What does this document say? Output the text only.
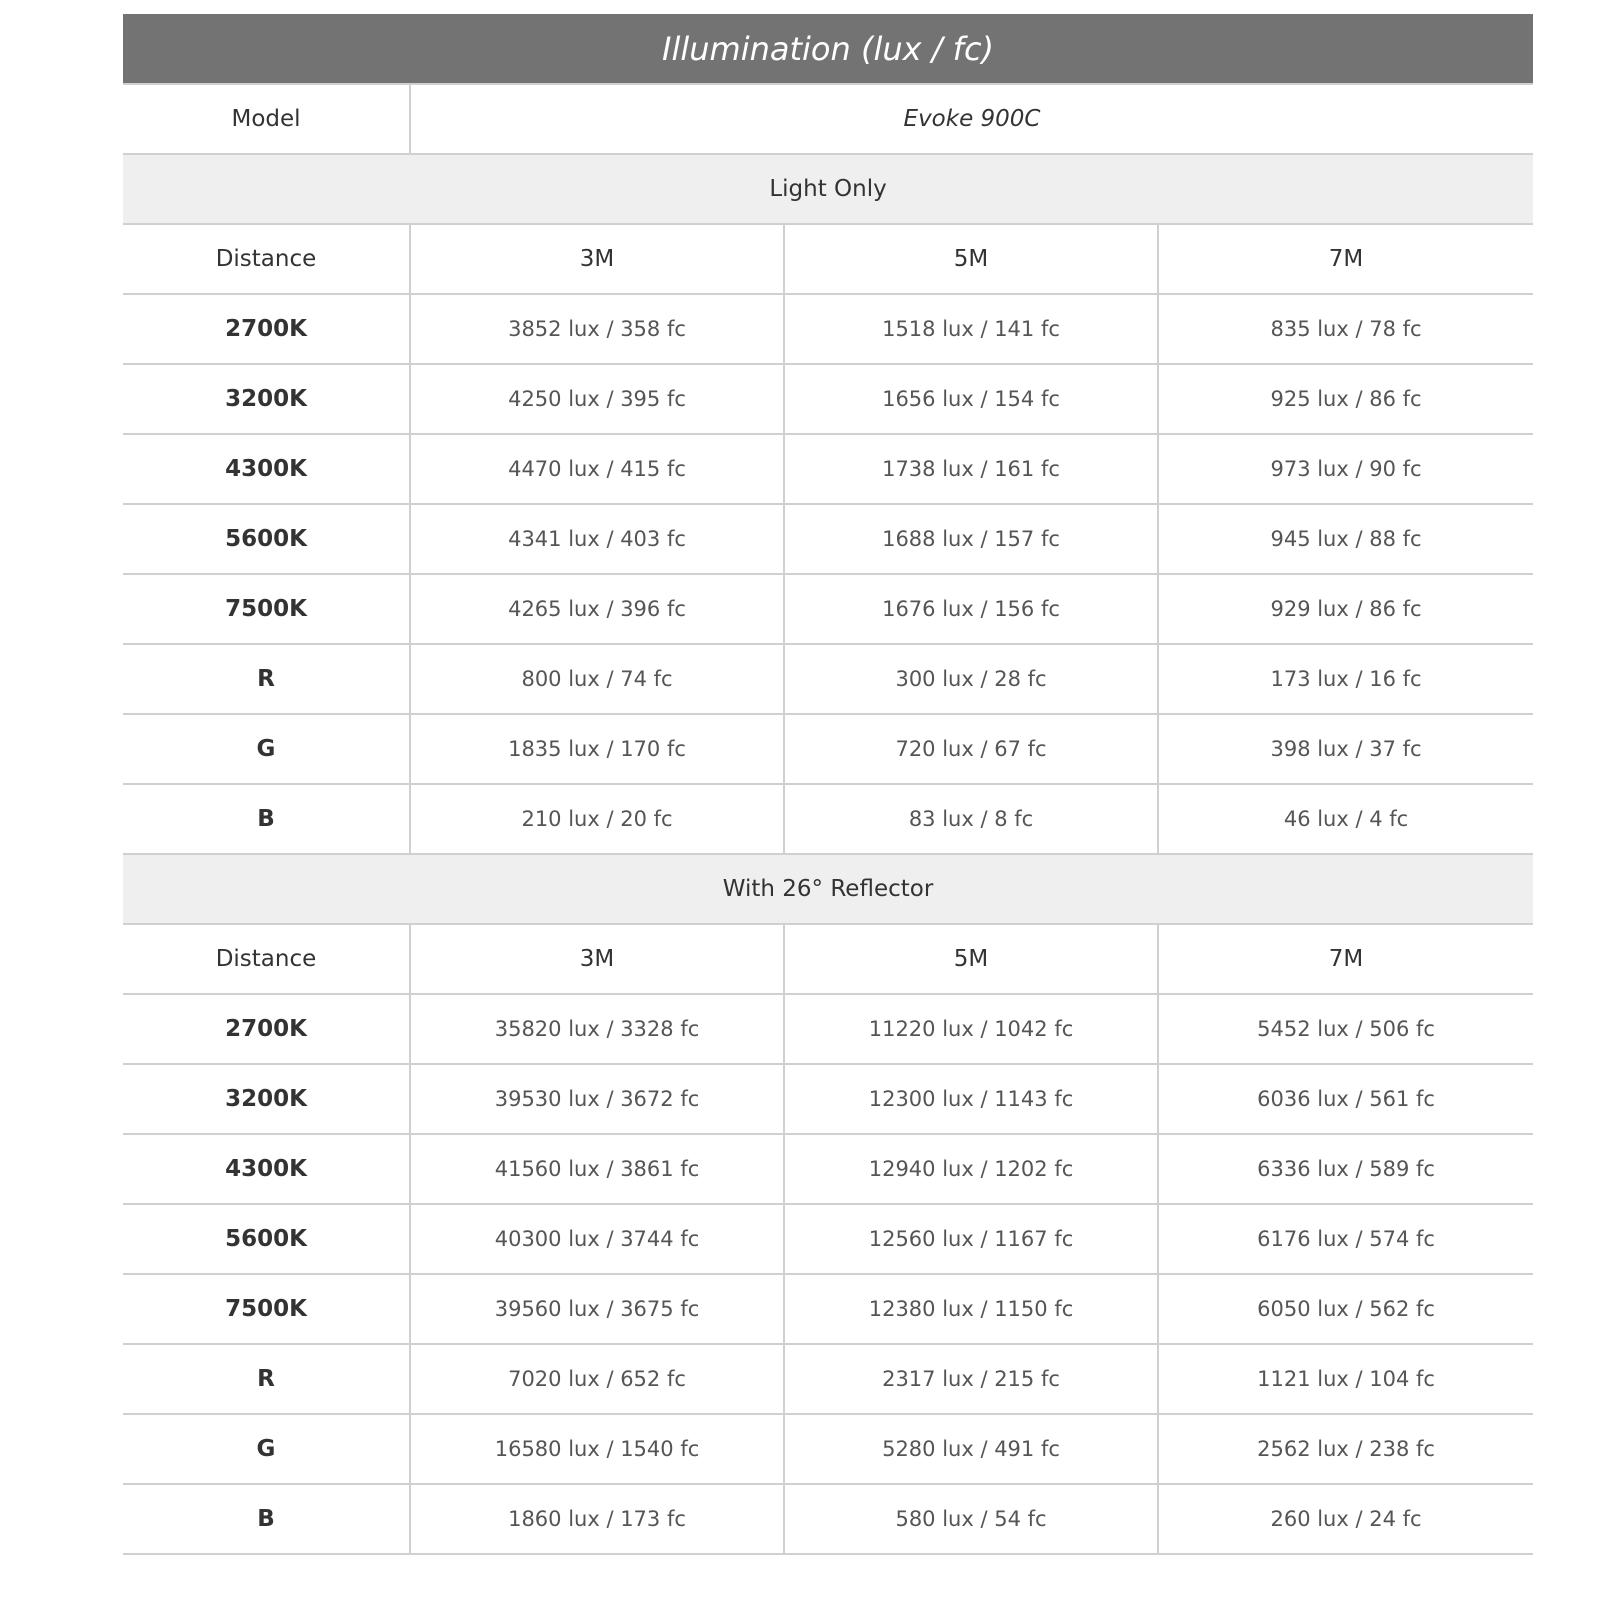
Illumination (lux / fc)			
Model	Evoke 900C		
Light Only			
Distance	3M	5M	7M
2700K	3852 lux / 358 fc	1518 lux / 141 fc	835 lux / 78 fc
3200K	4250 lux / 395 fc	1656 lux / 154 fc	925 lux / 86 fc
4300K	4470 lux / 415 fc	1738 lux / 161 fc	973 lux / 90 fc
5600K	4341 lux / 403 fc	1688 lux / 157 fc	945 lux / 88 fc
7500K	4265 lux / 396 fc	1676 lux / 156 fc	929 lux / 86 fc
R	800 lux / 74 fc	300 lux / 28 fc	173 lux / 16 fc
G	1835 lux / 170 fc	720 lux / 67 fc	398 lux / 37 fc
B	210 lux / 20 fc	83 lux / 8 fc	46 lux / 4 fc
With 26° Reflector			
Distance	3M	5M	7M
2700K	35820 lux / 3328 fc	11220 lux / 1042 fc	5452 lux / 506 fc
3200K	39530 lux / 3672 fc	12300 lux / 1143 fc	6036 lux / 561 fc
4300K	41560 lux / 3861 fc	12940 lux / 1202 fc	6336 lux / 589 fc
5600K	40300 lux / 3744 fc	12560 lux / 1167 fc	6176 lux / 574 fc
7500K	39560 lux / 3675 fc	12380 lux / 1150 fc	6050 lux / 562 fc
R	7020 lux / 652 fc	2317 lux / 215 fc	1121 lux / 104 fc
G	16580 lux / 1540 fc	5280 lux / 491 fc	2562 lux / 238 fc
B	1860 lux / 173 fc	580 lux / 54 fc	260 lux / 24 fc
